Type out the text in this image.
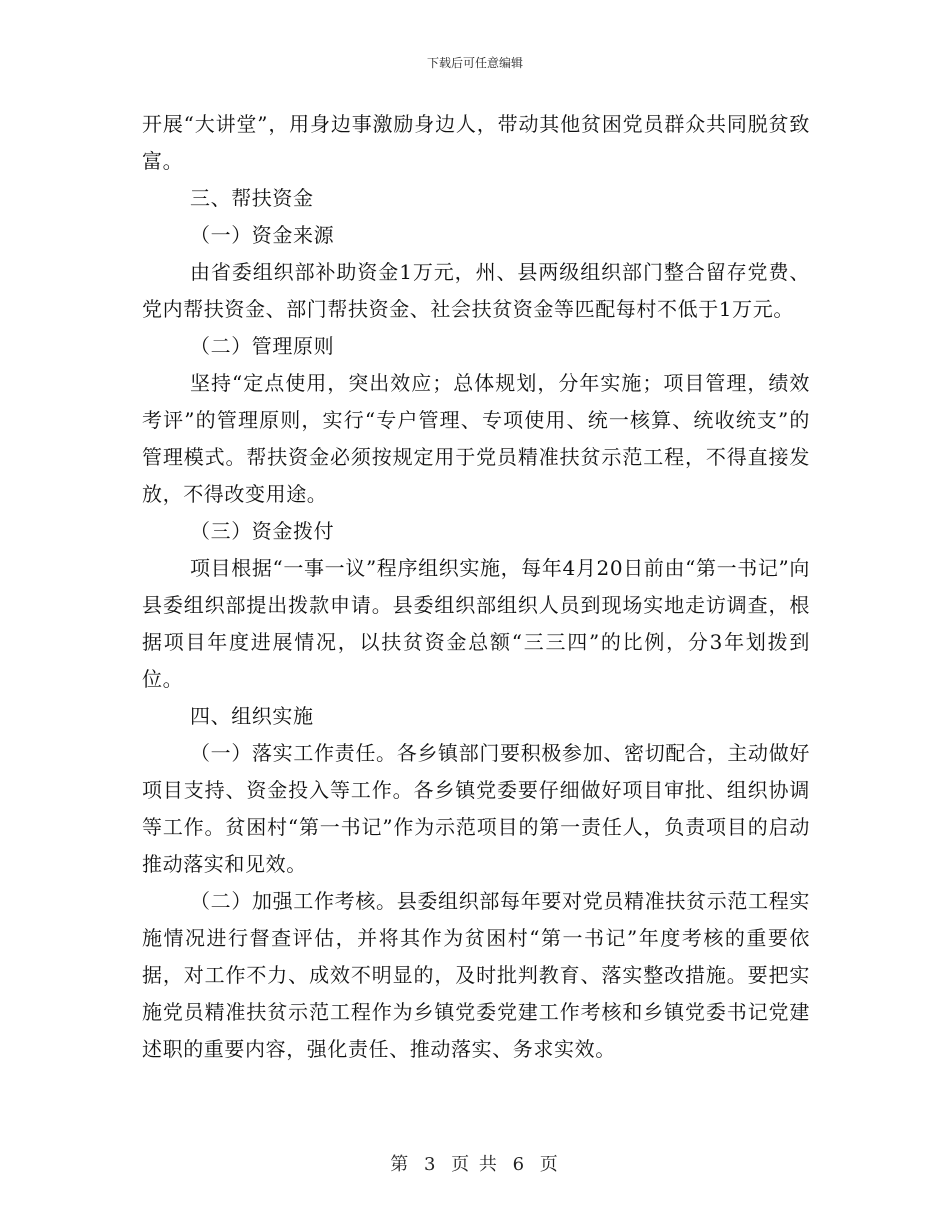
下载后可任意编辑

开展“大讲堂”，用身边事激励身边人，带动其他贫困党员群众共同脱贫致富。

三、帮扶资金

（一）资金来源

由省委组织部补助资金1万元，州、县两级组织部门整合留存党费、党内帮扶资金、部门帮扶资金、社会扶贫资金等匹配每村不低于1万元。

（二）管理原则

坚持“定点使用，突出效应；总体规划，分年实施；项目管理，绩效考评”的管理原则，实行“专户管理、专项使用、统一核算、统收统支”的管理模式。帮扶资金必须按规定用于党员精准扶贫示范工程，不得直接发放，不得改变用途。

（三）资金拨付

项目根据“一事一议”程序组织实施，每年4月20日前由“第一书记”向县委组织部提出拨款申请。县委组织部组织人员到现场实地走访调查，根据项目年度进展情况，以扶贫资金总额“三三四”的比例，分3年划拨到位。

四、组织实施

（一）落实工作责任。各乡镇部门要积极参加、密切配合，主动做好项目支持、资金投入等工作。各乡镇党委要仔细做好项目审批、组织协调等工作。贫困村“第一书记”作为示范项目的第一责任人，负责项目的启动推动落实和见效。

（二）加强工作考核。县委组织部每年要对党员精准扶贫示范工程实施情况进行督查评估，并将其作为贫困村“第一书记”年度考核的重要依据，对工作不力、成效不明显的，及时批判教育、落实整改措施。要把实施党员精准扶贫示范工程作为乡镇党委党建工作考核和乡镇党委书记党建述职的重要内容，强化责任、推动落实、务求实效。

第 3 页 共 6 页
